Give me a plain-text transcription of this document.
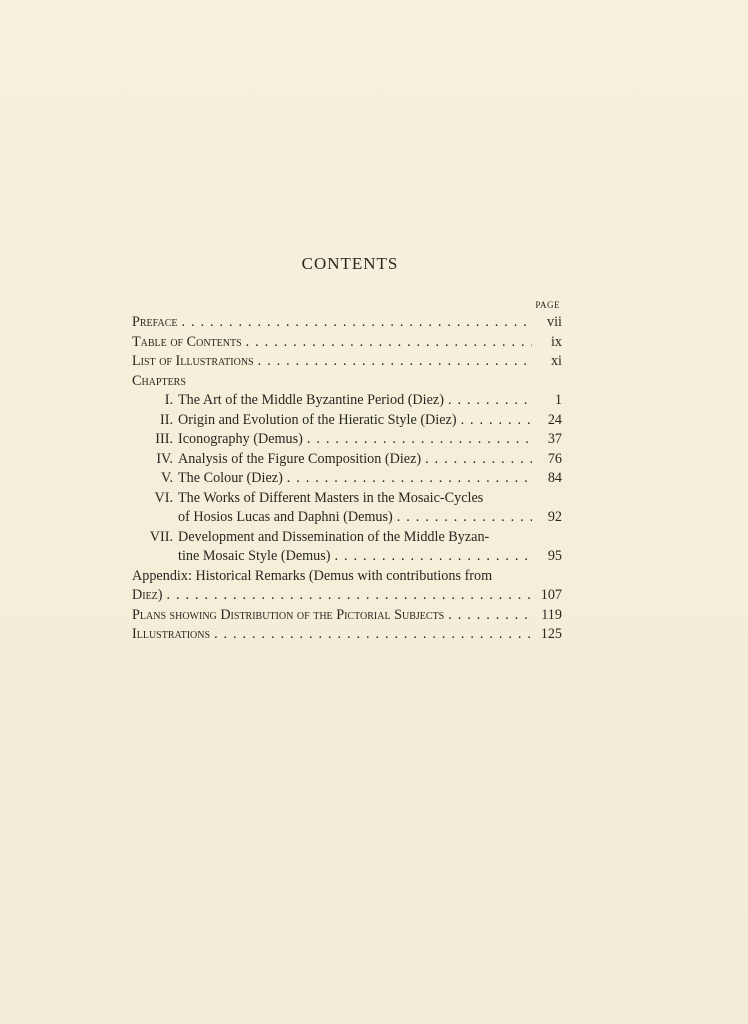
CONTENTS
PAGE
Preface . . .	vii
Table of Contents . . .	ix
List of Illustrations . . .	xi
Chapters
I. The Art of the Middle Byzantine Period (Diez) . . .	1
II. Origin and Evolution of the Hieratic Style (Diez) . . .	24
III. Iconography (Demus) . . .	37
IV. Analysis of the Figure Composition (Diez) . . .	76
V. The Colour (Diez) . . .	84
VI. The Works of Different Masters in the Mosaic-Cycles
of Hosios Lucas and Daphni (Demus) . . .	92
VII. Development and Dissemination of the Middle Byzan-
tine Mosaic Style (Demus) . . .	95
Appendix: Historical Remarks (Demus with contributions from
Diez) . . .	107
Plans showing Distribution of the Pictorial Subjects . . .	119
Illustrations . . .	125
